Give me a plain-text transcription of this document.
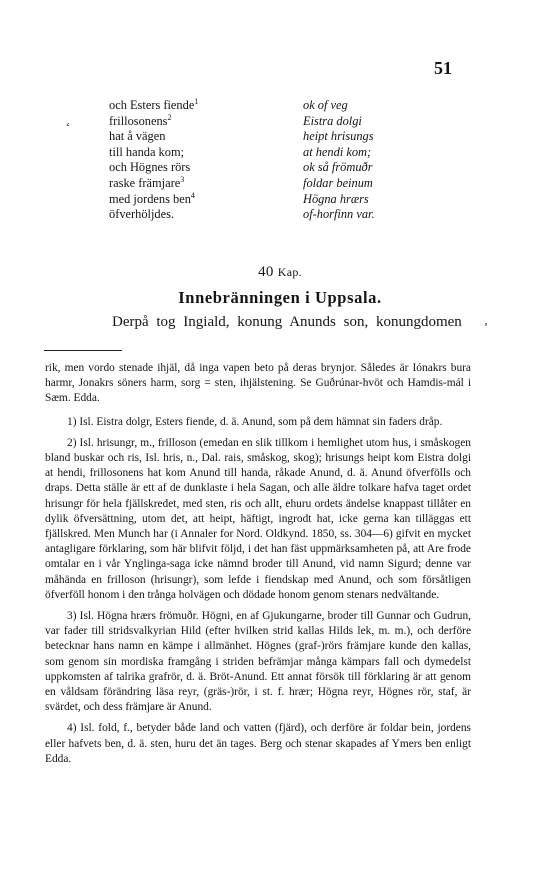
51
ʻ
och Esters fiende$^1$
frillosonens$^2$
hat å vägen
till handa kom;
och Högnes rörs
raske främjare$^3$
med jordens ben$^4$
öfverhöljdes.
ok of veg
Eistra dolgi
heipt hrisungs
at hendi kom;
ok så frömuðr
foldar beinum
Högna hrærs
of-horfinn var.
40 Kap.
Innebränningen i Uppsala.
Derpå tog Ingiald, konung Anunds son, konungdomen ʼ

rik, men vordo stenade ihjäl, då inga vapen beto på deras brynjor. Således är Iónakrs bura harmr, Jonakrs söners harm, sorg = sten, ihjälstening. Se Guðrúnar-hvöt och Hamdis-mál i Sæm. Edda.

1) Isl. Eistra dolgr, Esters fiende, d. ä. Anund, som på dem hämnat sin faders dråp.

2) Isl. hrisungr, m., frilloson (emedan en slik tillkom i hemlighet utom hus, i småskogen bland buskar och ris, Isl. hris, n., Dal. rais, småskog, skog); hrisungs heipt kom Eistra dolgi at hendi, frillosonens hat kom Anund till handa, råkade Anund, d. ä. Anund öfverfölls och draps. Detta ställe är ett af de dunklaste i hela Sagan, och alle äldre tolkare hafva taget ordet hrisungr för hela fjällskredet, med sten, ris och allt, ehuru ordets ändelse knappast tillåter en dylik öfversättning, utom det, att heipt, häftigt, ingrodt hat, icke gerna kan tilläggas ett fjällskred. Men Munch har (i Annaler for Nord. Oldkynd. 1850, ss. 304—6) gifvit en mycket antagligare förklaring, som här blifvit följd, i det han fäst uppmärksamheten på, att Are frode omtalar en i vår Ynglinga-saga icke nämnd broder till Anund, vid namn Sigurd; denne var måhända en frilloson (hrisungr), som lefde i fiendskap med Anund, och som försåtligen öfverföll honom i den trånga holvägen och dödade honom genom stenars nedvältande.

3) Isl. Högna hrærs frömuðr. Högni, en af Gjukungarne, broder till Gunnar och Gudrun, var fader till stridsvalkyrian Hild (efter hvilken strid kallas Hilds lek, m. m.), och derföre betecknar hans namn en kämpe i allmänhet. Högnes (graf-)rörs främjare kunde den kallas, som genom sin mordiska framgång i striden befrämjar många kämpars fall och dymedelst uppkomsten af talrika grafrör, d. ä. Bröt-Anund. Ett annat försök till förklaring är att genom en våldsam förändring läsa reyr, (gräs-)rör, i st. f. hrær; Högna reyr, Högnes rör, staf, är svärdet, och dess främjare är Anund.

4) Isl. fold, f., betyder både land och vatten (fjärd), och derföre är foldar bein, jordens eller hafvets ben, d. ä. sten, huru det än tages. Berg och stenar skapades af Ymers ben enligt Edda.
